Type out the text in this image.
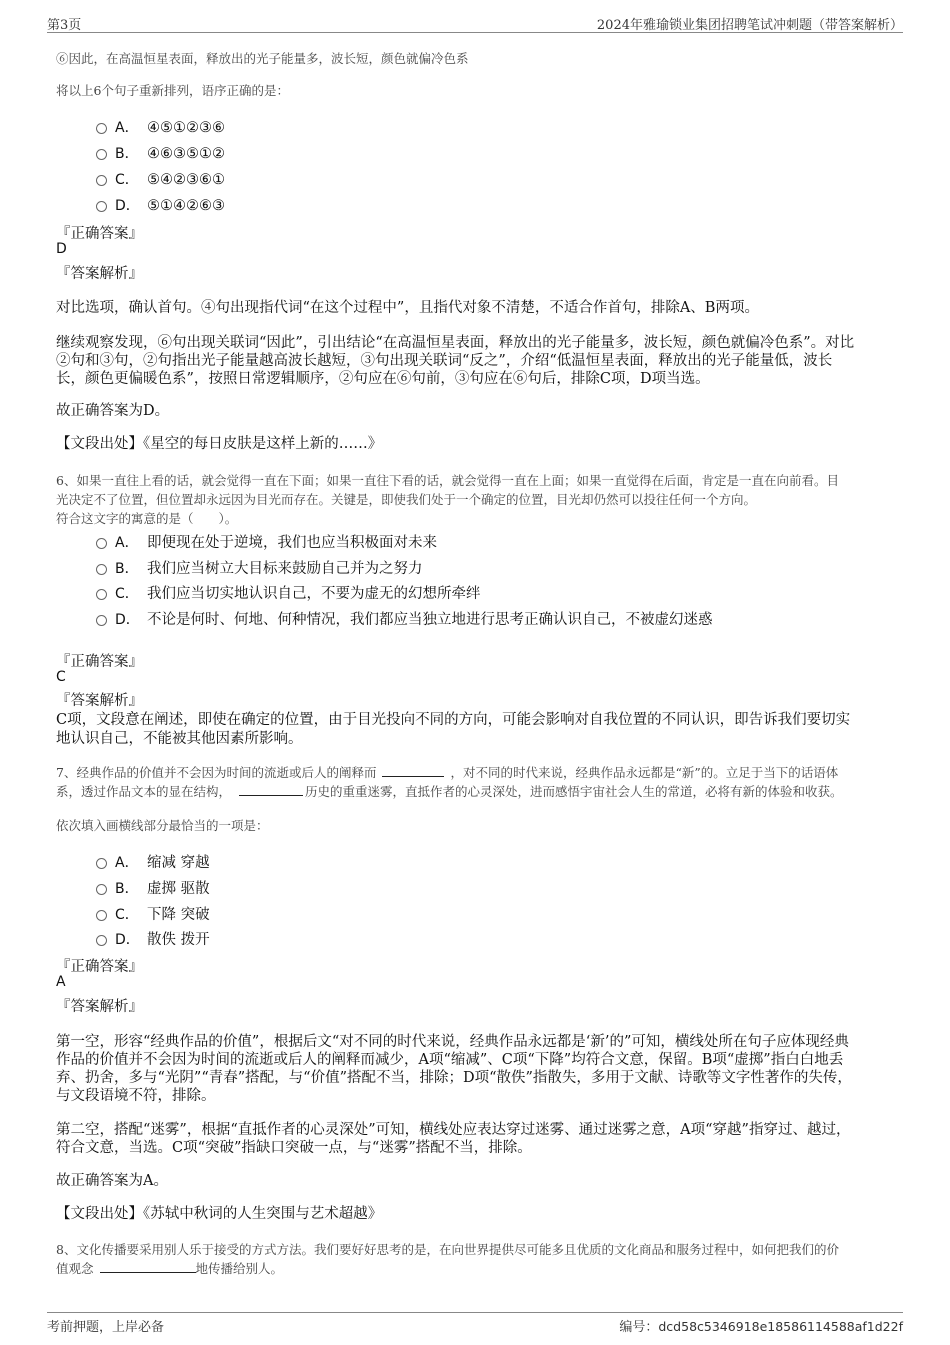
第3页	2024年雅瑜锁业集团招聘笔试冲刺题（带答案解析）
⑥因此，在高温恒星表面，释放出的光子能量多，波长短，颜色就偏冷色系
将以上6个句子重新排列，语序正确的是：
A． ④⑤①②③⑥
B． ④⑥③⑤①②
C． ⑤④②③⑥①
D． ⑤①④②⑥③
『正确答案』
D
『答案解析』
对比选项，确认首句。④句出现指代词“在这个过程中”，且指代对象不清楚，不适合作首句，排除A、B两项。
继续观察发现，⑥句出现关联词“因此”，引出结论“在高温恒星表面，释放出的光子能量多，波长短，颜色就偏冷色系”。对比
②句和③句，②句指出光子能量越高波长越短，③句出现关联词“反之”，介绍“低温恒星表面，释放出的光子能量低，波长
长，颜色更偏暖色系”，按照日常逻辑顺序，②句应在⑥句前，③句应在⑥句后，排除C项，D项当选。
故正确答案为D。
【文段出处】《星空的每日皮肤是这样上新的……》
6、如果一直往上看的话，就会觉得一直在下面；如果一直往下看的话，就会觉得一直在上面；如果一直觉得在后面，肯定是一直在向前看。目
光决定不了位置，但位置却永远因为目光而存在。关键是，即使我们处于一个确定的位置，目光却仍然可以投往任何一个方向。
符合这文字的寓意的是（　　）。
A． 即便现在处于逆境，我们也应当积极面对未来
B． 我们应当树立大目标来鼓励自己并为之努力
C． 我们应当切实地认识自己，不要为虚无的幻想所牵绊
D． 不论是何时、何地、何种情况，我们都应当独立地进行思考正确认识自己，不被虚幻迷惑
『正确答案』
C
『答案解析』
C项，文段意在阐述，即使在确定的位置，由于目光投向不同的方向，可能会影响对自我位置的不同认识，即告诉我们要切实
地认识自己，不能被其他因素所影响。
7、经典作品的价值并不会因为时间的流逝或后人的阐释而	，对不同的时代来说，经典作品永远都是“新”的。立足于当下的话语体
系，透过作品文本的显在结构，	历史的重重迷雾，直抵作者的心灵深处，进而感悟宇宙社会人生的常道，必将有新的体验和收获。
依次填入画横线部分最恰当的一项是：
A． 缩减 穿越
B． 虚掷 驱散
C． 下降 突破
D． 散佚 拨开
『正确答案』
A
『答案解析』
第一空，形容“经典作品的价值”，根据后文“对不同的时代来说，经典作品永远都是‘新’的”可知，横线处所在句子应体现经典
作品的价值并不会因为时间的流逝或后人的阐释而减少，A项“缩减”、C项“下降”均符合文意，保留。B项“虚掷”指白白地丢
弃、扔舍，多与“光阴”“青春”搭配，与“价值”搭配不当，排除；D项“散佚”指散失，多用于文献、诗歌等文字性著作的失传，
与文段语境不符，排除。
第二空，搭配“迷雾”，根据“直抵作者的心灵深处”可知，横线处应表达穿过迷雾、通过迷雾之意，A项“穿越”指穿过、越过，
符合文意，当选。C项“突破”指缺口突破一点，与“迷雾”搭配不当，排除。
故正确答案为A。
【文段出处】《苏轼中秋词的人生突围与艺术超越》
8、文化传播要采用别人乐于接受的方式方法。我们要好好思考的是，在向世界提供尽可能多且优质的文化商品和服务过程中，如何把我们的价
值观念	地传播给别人。
考前押题，上岸必备	编号：dcd58c5346918e18586114588af1d22f
